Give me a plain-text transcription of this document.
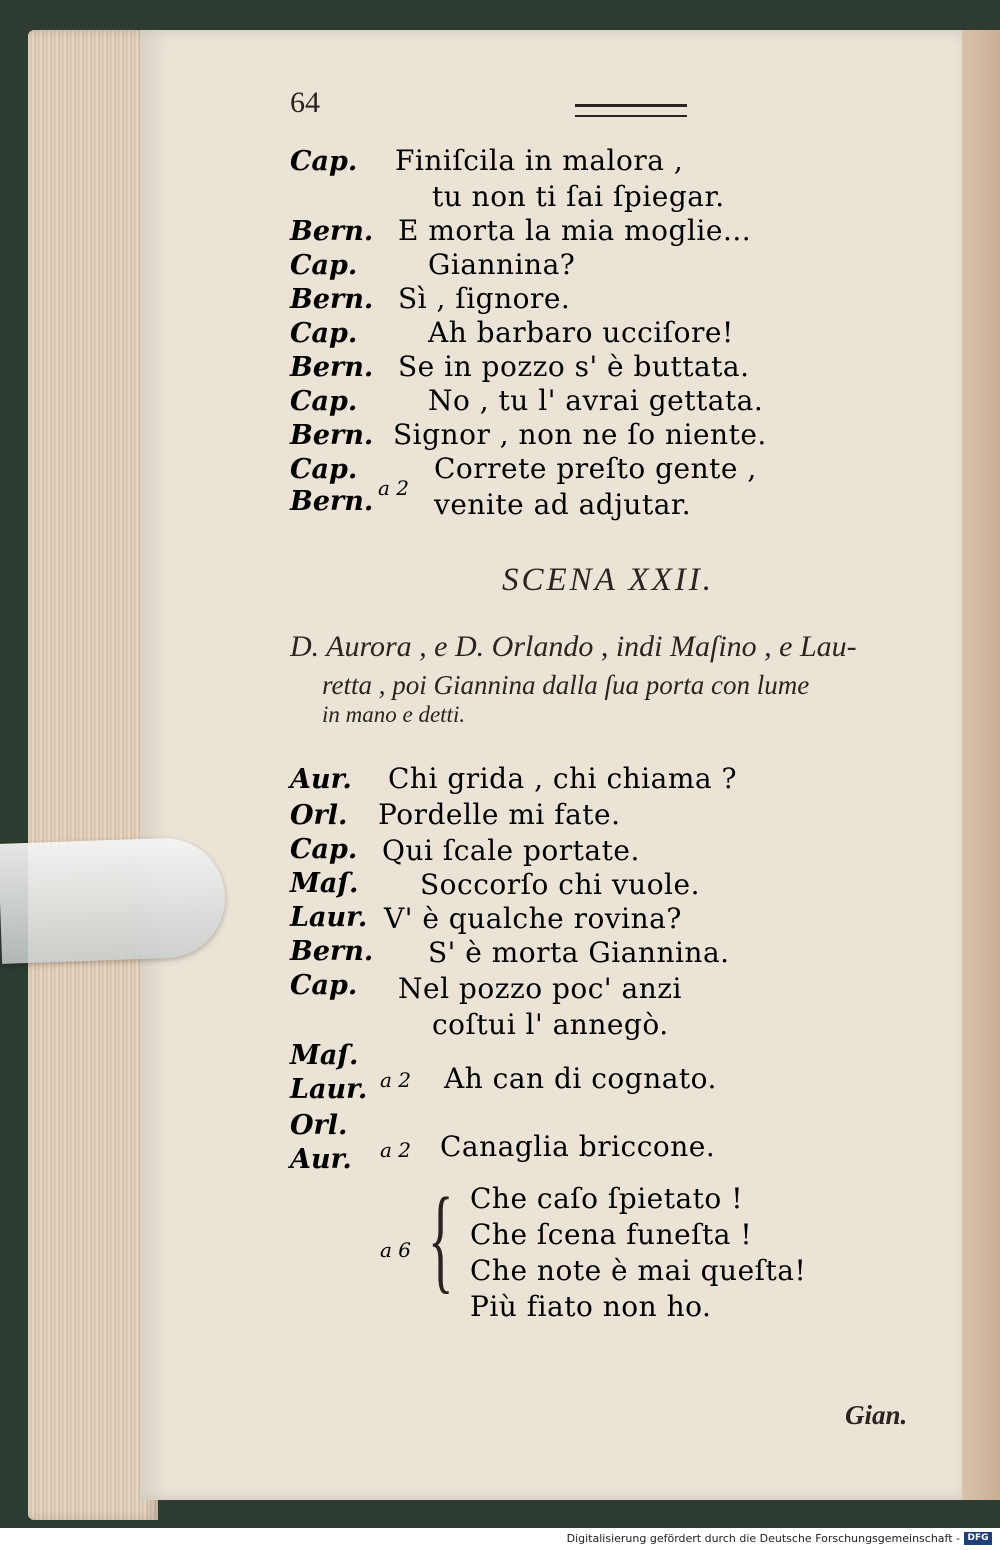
64
Cap. Finiſcila in malora ,
tu non ti ſai ſpiegar.
Bern. E morta la mia moglie...
Cap.	Giannina?
Bern. Sì , ſignore.
Cap.	Ah barbaro ucciſore!
Bern. Se in pozzo s' è buttata.
Cap.	No , tu l' avrai gettata.
Bern. Signor , non ne ſo niente.
Cap.	Correte preſto gente ,
Bern. a 2 venite ad adjutar.
SCENA XXII.
D. Aurora , e D. Orlando , indi Maſino , e Lau-
retta , poi Giannina dalla ſua porta con lume
in mano e detti.
Aur. Chi grida , chi chiama ?
Orl. Pordelle mi fate.
Cap. Qui ſcale portate.
Maſ. Soccorſo chi vuole.
Laur. V' è qualche rovina?
Bern. S' è morta Giannina.
Cap. Nel pozzo poc' anzi
coſtui l' annegò.
Maſ.
Laur. a 2 Ah can di cognato.
Orl.
Aur. a 2 Canaglia briccone.
a 6 { Che caſo ſpietato !
Che ſcena funeſta !
Che note è mai queſta!
Più fiato non ho.
Gian.
Digitalisierung gefördert durch die Deutsche Forschungsgemeinschaft - DFG
